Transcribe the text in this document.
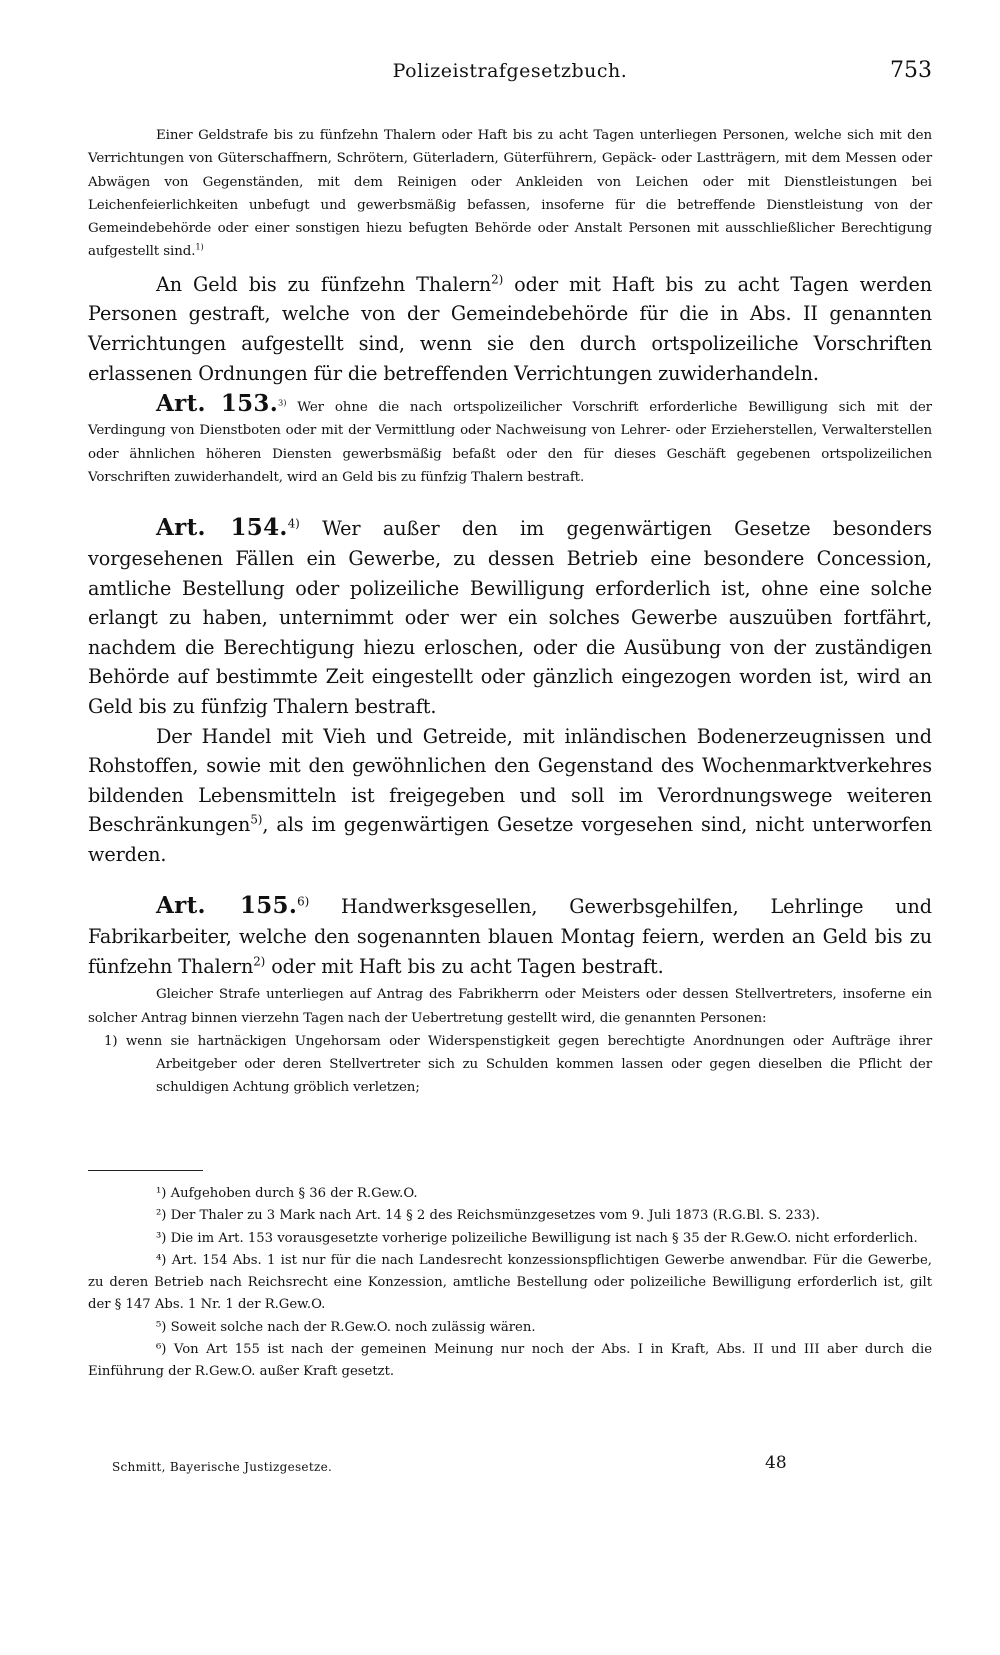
Polizeistrafgesetzbuch.	753

Einer Geldstrafe bis zu fünfzehn Thalern oder Haft bis zu acht Tagen unterliegen Personen, welche sich mit den Verrichtungen von Güterschaffnern, Schrötern, Güterladern, Güterführern, Gepäck- oder Lastträgern, mit dem Messen oder Abwägen von Gegenständen, mit dem Reinigen oder Ankleiden von Leichen oder mit Dienstleistungen bei Leichenfeierlichkeiten unbefugt und gewerbsmäßig befassen, insoferne für die betreffende Dienstleistung von der Gemeindebehörde oder einer sonstigen hiezu befugten Behörde oder Anstalt Personen mit ausschließlicher Berechtigung aufgestellt sind.$^{1)}$

An Geld bis zu fünfzehn Thalern$^{2)}$ oder mit Haft bis zu acht Tagen werden Personen gestraft, welche von der Gemeindebehörde für die in Abs. II genannten Verrichtungen aufgestellt sind, wenn sie den durch ortspolizeiliche Vorschriften erlassenen Ordnungen für die betreffenden Verrichtungen zuwiderhandeln.

Art. 153.$^{3)}$ Wer ohne die nach ortspolizeilicher Vorschrift erforderliche Bewilligung sich mit der Verdingung von Dienstboten oder mit der Vermittlung oder Nachweisung von Lehrer- oder Erzieherstellen, Verwalterstellen oder ähnlichen höheren Diensten gewerbsmäßig befaßt oder den für dieses Geschäft gegebenen ortspolizeilichen Vorschriften zuwiderhandelt, wird an Geld bis zu fünfzig Thalern bestraft.

Art. 154.$^{4)}$ Wer außer den im gegenwärtigen Gesetze besonders vorgesehenen Fällen ein Gewerbe, zu dessen Betrieb eine besondere Concession, amtliche Bestellung oder polizeiliche Bewilligung erforderlich ist, ohne eine solche erlangt zu haben, unternimmt oder wer ein solches Gewerbe auszuüben fortfährt, nachdem die Berechtigung hiezu erloschen, oder die Ausübung von der zuständigen Behörde auf bestimmte Zeit eingestellt oder gänzlich eingezogen worden ist, wird an Geld bis zu fünfzig Thalern bestraft.

Der Handel mit Vieh und Getreide, mit inländischen Bodenerzeugnissen und Rohstoffen, sowie mit den gewöhnlichen den Gegenstand des Wochenmarktverkehres bildenden Lebensmitteln ist freigegeben und soll im Verordnungswege weiteren Beschränkungen$^{5)}$, als im gegenwärtigen Gesetze vorgesehen sind, nicht unterworfen werden.

Art. 155.$^{6)}$ Handwerksgesellen, Gewerbsgehilfen, Lehrlinge und Fabrikarbeiter, welche den sogenannten blauen Montag feiern, werden an Geld bis zu fünfzehn Thalern$^{2)}$ oder mit Haft bis zu acht Tagen bestraft.

Gleicher Strafe unterliegen auf Antrag des Fabrikherrn oder Meisters oder dessen Stellvertreters, insoferne ein solcher Antrag binnen vierzehn Tagen nach der Uebertretung gestellt wird, die genannten Personen:

1) wenn sie hartnäckigen Ungehorsam oder Widerspenstigkeit gegen berechtigte Anordnungen oder Aufträge ihrer Arbeitgeber oder deren Stellvertreter sich zu Schulden kommen lassen oder gegen dieselben die Pflicht der schuldigen Achtung gröblich verletzen;

¹) Aufgehoben durch § 36 der R.Gew.O.

²) Der Thaler zu 3 Mark nach Art. 14 § 2 des Reichsmünzgesetzes vom 9. Juli 1873 (R.G.Bl. S. 233).

³) Die im Art. 153 vorausgesetzte vorherige polizeiliche Bewilligung ist nach § 35 der R.Gew.O. nicht erforderlich.

⁴) Art. 154 Abs. 1 ist nur für die nach Landesrecht konzessionspflichtigen Gewerbe anwendbar. Für die Gewerbe, zu deren Betrieb nach Reichsrecht eine Konzession, amtliche Bestellung oder polizeiliche Bewilligung erforderlich ist, gilt der § 147 Abs. 1 Nr. 1 der R.Gew.O.

⁵) Soweit solche nach der R.Gew.O. noch zulässig wären.

⁶) Von Art 155 ist nach der gemeinen Meinung nur noch der Abs. I in Kraft, Abs. II und III aber durch die Einführung der R.Gew.O. außer Kraft gesetzt.

Schmitt, Bayerische Justizgesetze.	48
